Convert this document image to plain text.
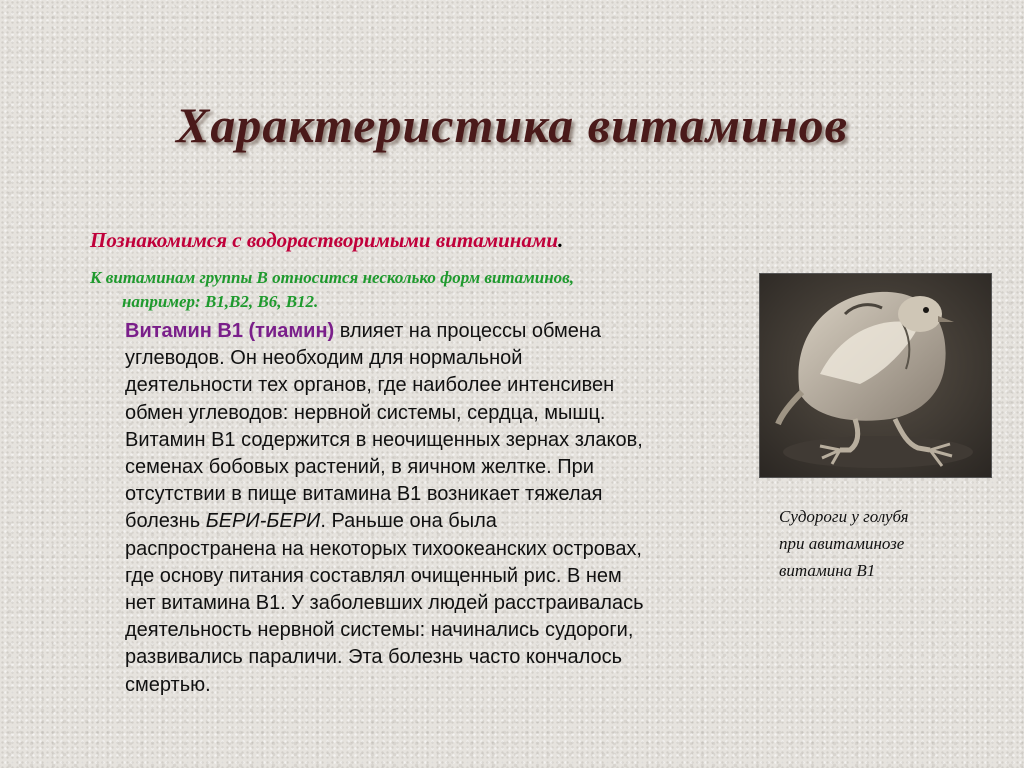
Характеристика витаминов
Познакомимся с водорастворимыми витаминами.
К витаминам группы В относится несколько форм витаминов,
например: В1,В2, В6, В12.
Витамин В1 (тиамин) влияет на процессы обмена
углеводов. Он необходим для нормальной
деятельности тех органов, где наиболее интенсивен
обмен углеводов: нервной системы, сердца, мышц.
Витамин В1 содержится в неочищенных зернах злаков,
семенах бобовых растений, в яичном желтке. При
отсутствии в пище витамина В1 возникает тяжелая
болезнь БЕРИ-БЕРИ. Раньше она была
распространена на некоторых тихоокеанских островах,
где основу питания составлял очищенный рис. В нем
нет витамина В1. У заболевших людей расстраивалась
деятельность нервной системы: начинались судороги,
развивались параличи. Эта болезнь часто кончалось
смертью.
Судороги у голубя
при авитаминозе
витамина В1
